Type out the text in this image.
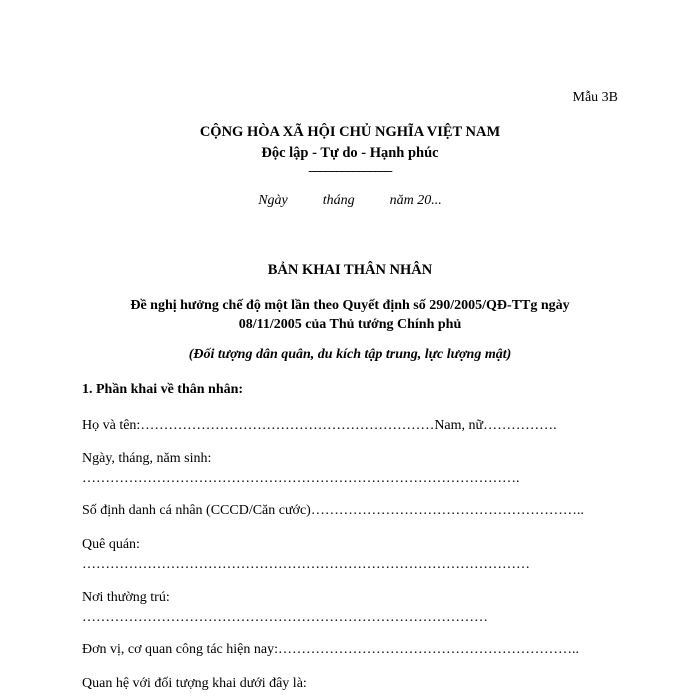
Mẫu 3B
CỘNG HÒA XÃ HỘI CHỦ NGHĨA VIỆT NAM
Độc lập - Tự do - Hạnh phúc
_______________
Ngày	tháng	năm 20...
BẢN KHAI THÂN NHÂN
Đề nghị hưởng chế độ một lần theo Quyết định số 290/2005/QĐ-TTg ngày
08/11/2005 của Thủ tướng Chính phủ
(Đối tượng dân quân, du kích tập trung, lực lượng mật)
1. Phần khai về thân nhân:
Họ và tên:………………………………………………………Nam, nữ…………….
Ngày, tháng, năm sinh:
………………………………………………………………………………….
Số định danh cá nhân (CCCD/Căn cước)…………………………………………………..
Quê quán:
……………………………………………………………………………………
Nơi thường trú:
……………………………………………………………………………
Đơn vị, cơ quan công tác hiện nay:………………………………………………………..
Quan hệ với đối tượng khai dưới đây là:
